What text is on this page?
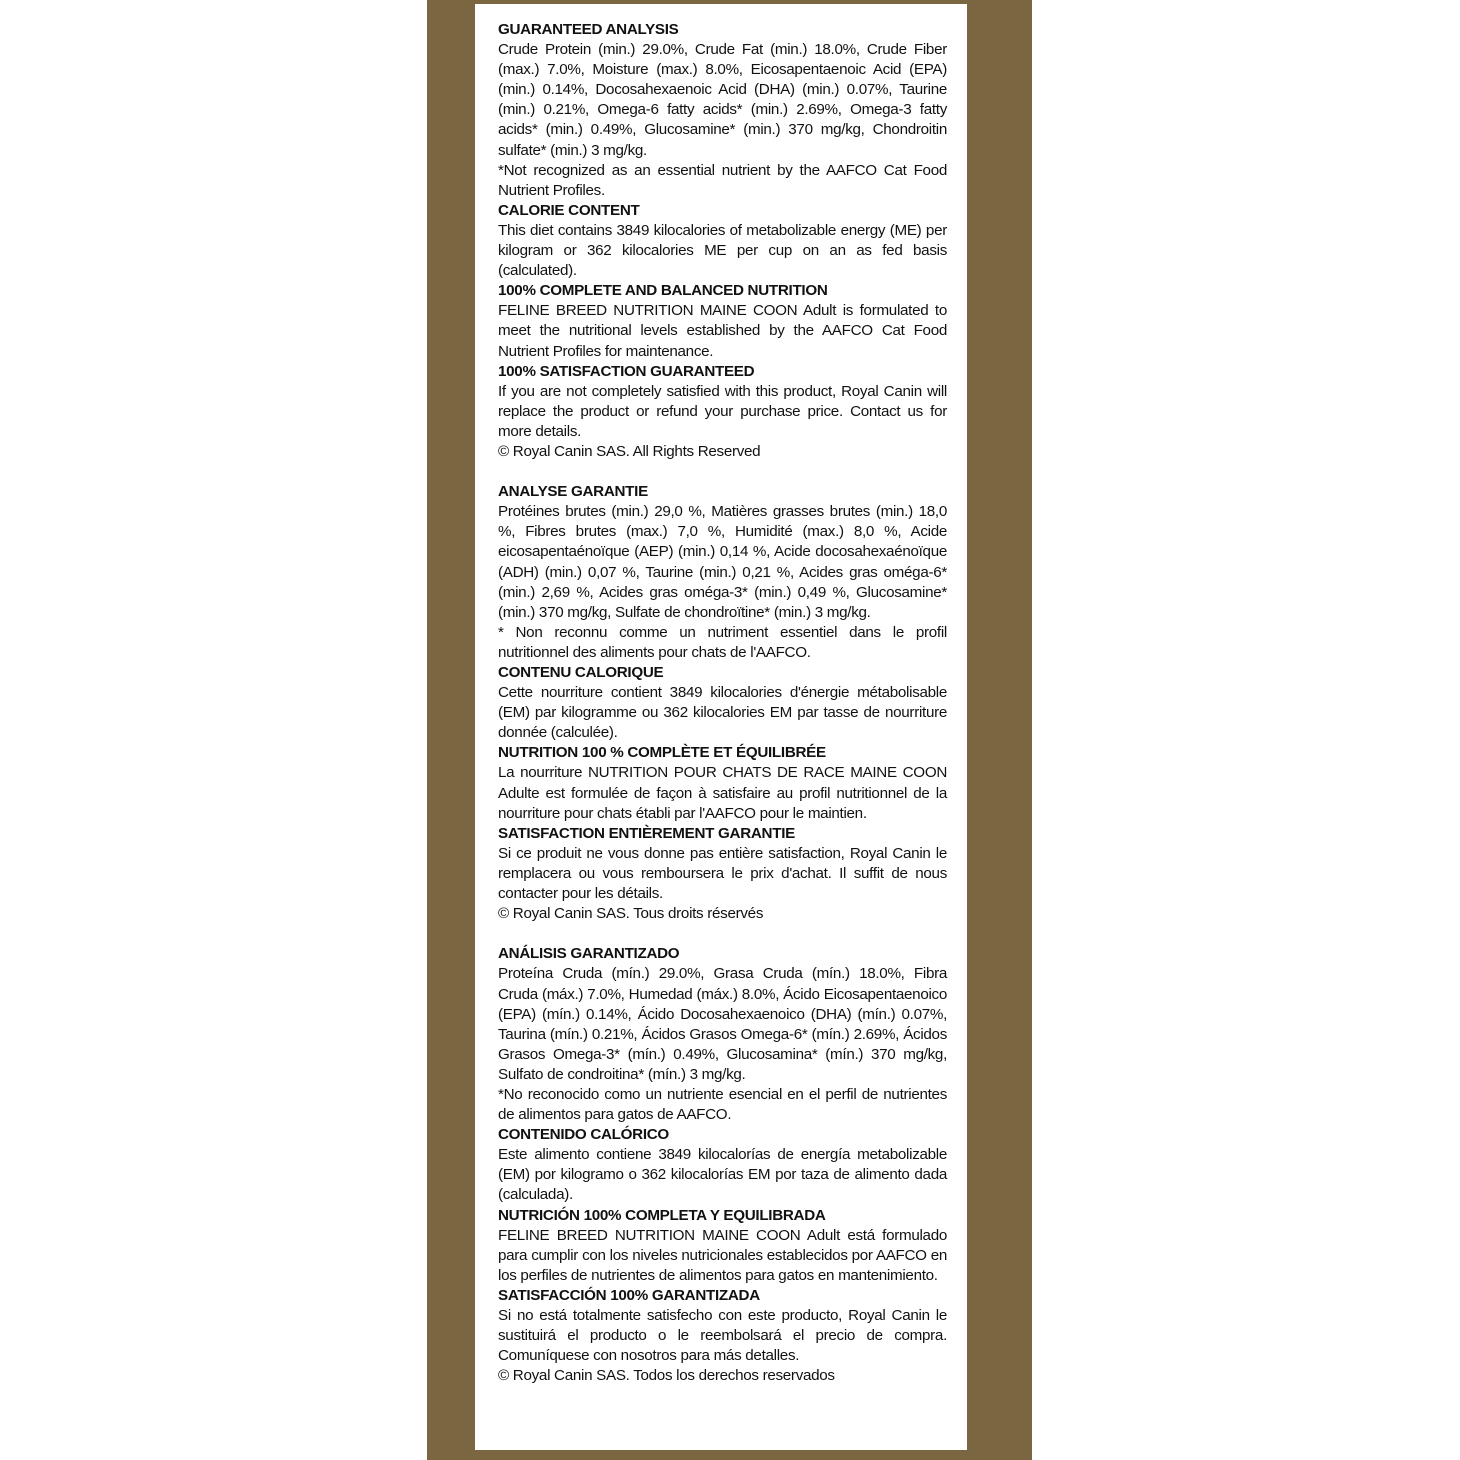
GUARANTEED ANALYSIS
Crude Protein (min.) 29.0%, Crude Fat (min.) 18.0%, Crude Fiber (max.) 7.0%, Moisture (max.) 8.0%, Eicosapentaenoic Acid (EPA) (min.) 0.14%, Docosahexaenoic Acid (DHA) (min.) 0.07%, Taurine (min.) 0.21%, Omega-6 fatty acids* (min.) 2.69%, Omega-3 fatty acids* (min.) 0.49%, Glucosamine* (min.) 370 mg/kg, Chondroitin sulfate* (min.) 3 mg/kg.
*Not recognized as an essential nutrient by the AAFCO Cat Food Nutrient Profiles.
CALORIE CONTENT
This diet contains 3849 kilocalories of metabolizable energy (ME) per kilogram or 362 kilocalories ME per cup on an as fed basis (calculated).
100% COMPLETE AND BALANCED NUTRITION
FELINE BREED NUTRITION MAINE COON Adult is formulated to meet the nutritional levels established by the AAFCO Cat Food Nutrient Profiles for maintenance.
100% SATISFACTION GUARANTEED
If you are not completely satisfied with this product, Royal Canin will replace the product or refund your purchase price. Contact us for more details.
© Royal Canin SAS. All Rights Reserved
ANALYSE GARANTIE
Protéines brutes (min.) 29,0 %, Matières grasses brutes (min.) 18,0 %, Fibres brutes (max.) 7,0 %, Humidité (max.) 8,0 %, Acide eicosapentaénoïque (AEP) (min.) 0,14 %, Acide docosahexaénoïque (ADH) (min.) 0,07 %, Taurine (min.) 0,21 %, Acides gras oméga-6* (min.) 2,69 %, Acides gras oméga-3* (min.) 0,49 %, Glucosamine* (min.) 370 mg/kg, Sulfate de chondroïtine* (min.) 3 mg/kg.
* Non reconnu comme un nutriment essentiel dans le profil nutritionnel des aliments pour chats de l'AAFCO.
CONTENU CALORIQUE
Cette nourriture contient 3849 kilocalories d'énergie métabolisable (EM) par kilogramme ou 362 kilocalories EM par tasse de nourriture donnée (calculée).
NUTRITION 100 % COMPLÈTE ET ÉQUILIBRÉE
La nourriture NUTRITION POUR CHATS DE RACE MAINE COON Adulte est formulée de façon à satisfaire au profil nutritionnel de la nourriture pour chats établi par l'AAFCO pour le maintien.
SATISFACTION ENTIÈREMENT GARANTIE
Si ce produit ne vous donne pas entière satisfaction, Royal Canin le remplacera ou vous remboursera le prix d'achat. Il suffit de nous contacter pour les détails.
© Royal Canin SAS. Tous droits réservés
ANÁLISIS GARANTIZADO
Proteína Cruda (mín.) 29.0%, Grasa Cruda (mín.) 18.0%, Fibra Cruda (máx.) 7.0%, Humedad (máx.) 8.0%, Ácido Eicosapentaenoico (EPA) (mín.) 0.14%, Ácido Docosahexaenoico (DHA) (mín.) 0.07%, Taurina (mín.) 0.21%, Ácidos Grasos Omega-6* (mín.) 2.69%, Ácidos Grasos Omega-3* (mín.) 0.49%, Glucosamina* (mín.) 370 mg/kg, Sulfato de condroitina* (mín.) 3 mg/kg.
*No reconocido como un nutriente esencial en el perfil de nutrientes de alimentos para gatos de AAFCO.
CONTENIDO CALÓRICO
Este alimento contiene 3849 kilocalorías de energía metabolizable (EM) por kilogramo o 362 kilocalorías EM por taza de alimento dada (calculada).
NUTRICIÓN 100% COMPLETA Y EQUILIBRADA
FELINE BREED NUTRITION MAINE COON Adult está formulado para cumplir con los niveles nutricionales establecidos por AAFCO en los perfiles de nutrientes de alimentos para gatos en mantenimiento.
SATISFACCIÓN 100% GARANTIZADA
Si no está totalmente satisfecho con este producto, Royal Canin le sustituirá el producto o le reembolsará el precio de compra. Comuníquese con nosotros para más detalles.
© Royal Canin SAS. Todos los derechos reservados
